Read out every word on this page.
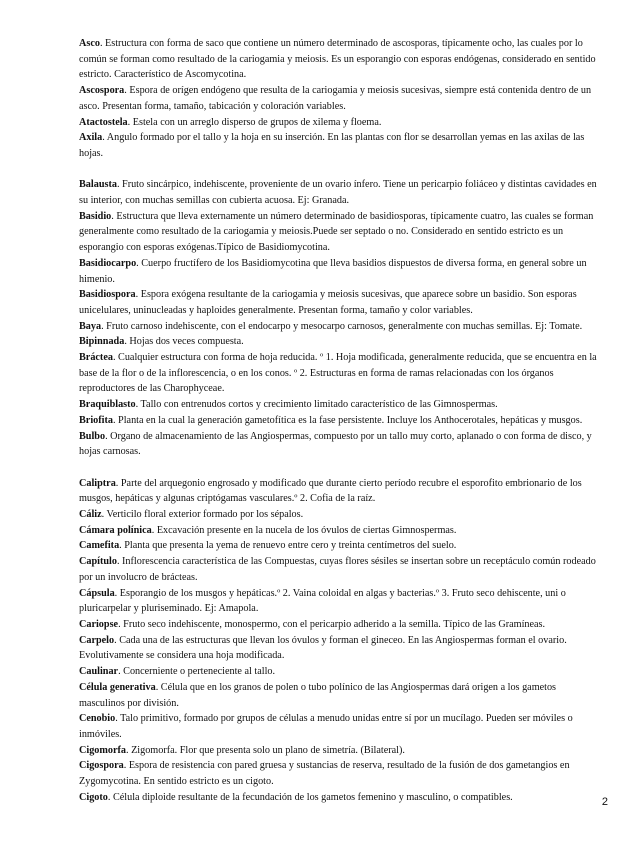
Asco. Estructura con forma de saco que contiene un número determinado de ascosporas, típicamente ocho, las cuales por lo común se forman como resultado de la cariogamia y meiosis. Es un esporangio con esporas endógenas, considerado en sentido estricto. Característico de Ascomycotina.

Ascospora. Espora de orígen endógeno que resulta de la cariogamia y meiosis sucesivas, siempre está contenida dentro de un asco. Presentan forma, tamaño, tabicación y coloración variables.

Atactostela. Estela con un arreglo disperso de grupos de xilema y floema.

Axila. Angulo formado por el tallo y la hoja en su inserción. En las plantas con flor se desarrollan yemas en las axilas de las hojas.

Balausta. Fruto sincárpico, indehiscente, proveniente de un ovario ínfero. Tiene un pericarpio foliáceo y distintas cavidades en su interior, con muchas semillas con cubierta acuosa. Ej: Granada.

Basidio. Estructura que lleva externamente un número determinado de basidiosporas, típicamente cuatro, las cuales se forman generalmente como resultado de la cariogamia y meiosis.Puede ser septado o no. Considerado en sentido estricto es un esporangio con esporas exógenas.Típico de Basidiomycotina.

Basidiocarpo. Cuerpo fructífero de los Basidiomycotina que lleva basidios dispuestos de diversa forma, en general sobre un himenio.

Basidiospora. Espora exógena resultante de la cariogamia y meiosis sucesivas, que aparece sobre un basidio. Son esporas unicelulares, uninucleadas y haploides generalmente. Presentan forma, tamaño y color variables.

Baya. Fruto carnoso indehiscente, con el endocarpo y mesocarpo carnosos, generalmente con muchas semillas. Ej: Tomate.

Bipinnada. Hojas dos veces compuesta.

Bráctea. Cualquier estructura con forma de hoja reducida. º 1. Hoja modificada, generalmente reducida, que se encuentra en la base de la flor o de la inflorescencia, o en los conos. º 2. Estructuras en forma de ramas relacionadas con los órganos reproductores de las Charophyceae.

Braquiblasto. Tallo con entrenudos cortos y crecimiento limitado característico de las Gimnospermas.

Briofita. Planta en la cual la generación gametofítica es la fase persistente. Incluye los Anthocerotales, hepáticas y musgos.

Bulbo. Organo de almacenamiento de las Angiospermas, compuesto por un tallo muy corto, aplanado o con forma de disco, y hojas carnosas.

Caliptra. Parte del arquegonio engrosado y modificado que durante cierto período recubre el esporofito embrionario de los musgos, hepáticas y algunas criptógamas vasculares.º 2. Cofia de la raíz.

Cáliz. Verticilo floral exterior formado por los sépalos.

Cámara polínica. Excavación presente en la nucela de los óvulos de ciertas Gimnospermas.

Camefita. Planta que presenta la yema de renuevo entre cero y treinta centímetros del suelo.

Capítulo. Inflorescencia característica de las Compuestas, cuyas flores sésiles se insertan sobre un receptáculo común rodeado por un involucro de brácteas.

Cápsula. Esporangio de los musgos y hepáticas.º 2. Vaina coloidal en algas y bacterias.º 3. Fruto seco dehiscente, uni o pluricarpelar y pluriseminado. Ej: Amapola.

Cariopse. Fruto seco indehiscente, monospermo, con el pericarpio adherido a la semilla. Típico de las Gramíneas.

Carpelo. Cada una de las estructuras que llevan los óvulos y forman el gineceo. En las Angiospermas forman el ovario. Evolutivamente se considera una hoja modificada.

Caulinar. Concerniente o perteneciente al tallo.

Célula generativa. Célula que en los granos de polen o tubo polínico de las Angiospermas dará origen a los gametos masculinos por división.

Cenobio. Talo primitivo, formado por grupos de células a menudo unidas entre sí por un mucílago. Pueden ser móviles o inmóviles.

Cigomorfa. Zigomorfa. Flor que presenta solo un plano de simetría. (Bilateral).

Cigospora. Espora de resistencia con pared gruesa y sustancias de reserva, resultado de la fusión de dos gametangios en Zygomycotina. En sentido estricto es un cigoto.

Cigoto. Célula diploide resultante de la fecundación de los gametos femenino y masculino, o compatibles.	2
